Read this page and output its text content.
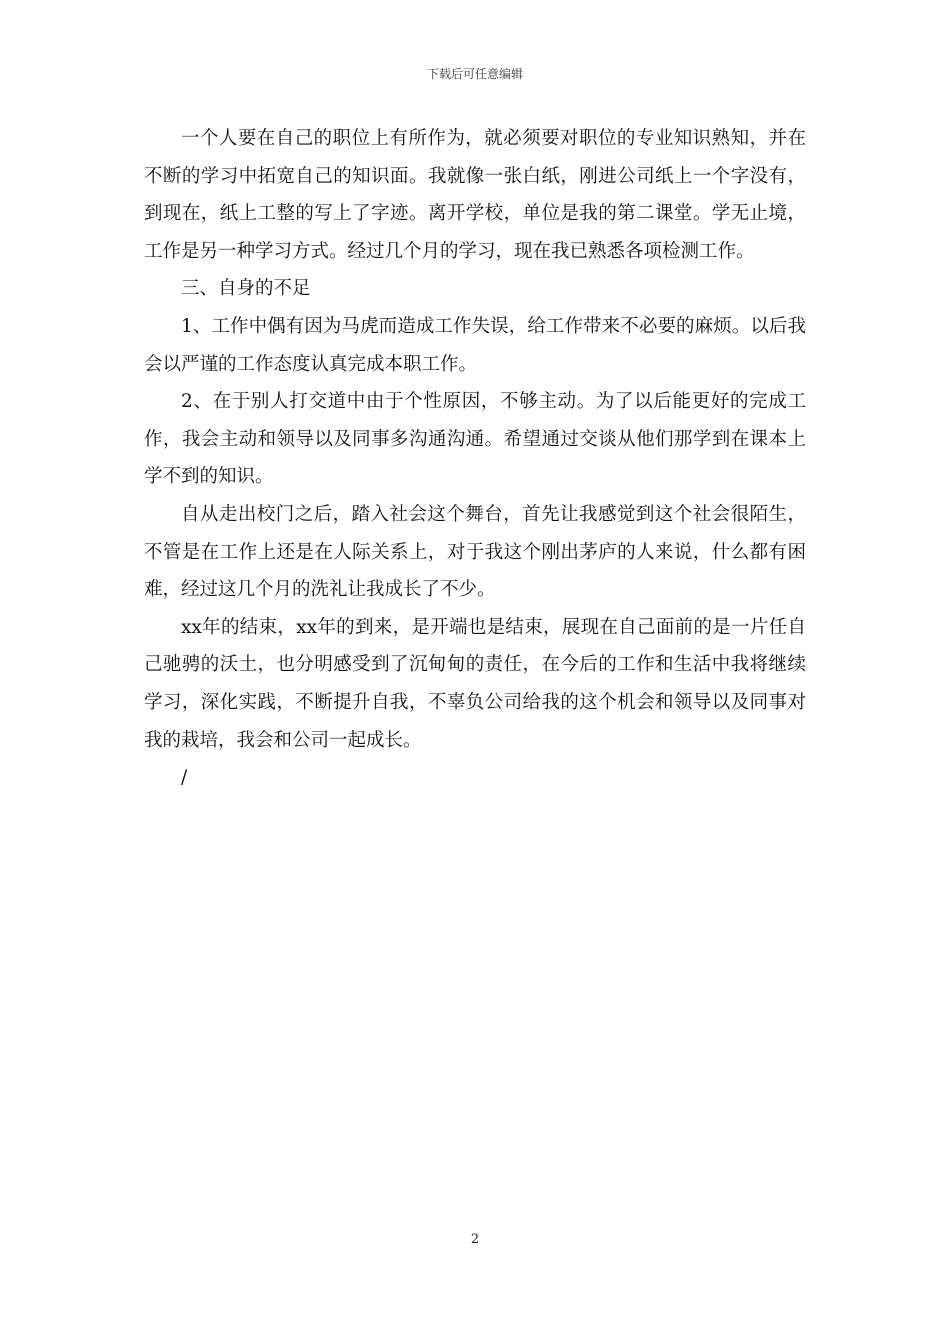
下载后可任意编辑

一个人要在自己的职位上有所作为，就必须要对职位的专业知识熟知，并在不断的学习中拓宽自己的知识面。我就像一张白纸，刚进公司纸上一个字没有，到现在，纸上工整的写上了字迹。离开学校，单位是我的第二课堂。学无止境，工作是另一种学习方式。经过几个月的学习，现在我已熟悉各项检测工作。

三、自身的不足

1、工作中偶有因为马虎而造成工作失误，给工作带来不必要的麻烦。以后我会以严谨的工作态度认真完成本职工作。

2、在于别人打交道中由于个性原因，不够主动。为了以后能更好的完成工作，我会主动和领导以及同事多沟通沟通。希望通过交谈从他们那学到在课本上学不到的知识。

自从走出校门之后，踏入社会这个舞台，首先让我感觉到这个社会很陌生，不管是在工作上还是在人际关系上，对于我这个刚出茅庐的人来说，什么都有困难，经过这几个月的洗礼让我成长了不少。

xx年的结束，xx年的到来，是开端也是结束，展现在自己面前的是一片任自己驰骋的沃土，也分明感受到了沉甸甸的责任，在今后的工作和生活中我将继续学习，深化实践，不断提升自我，不辜负公司给我的这个机会和领导以及同事对我的栽培，我会和公司一起成长。

/

2
